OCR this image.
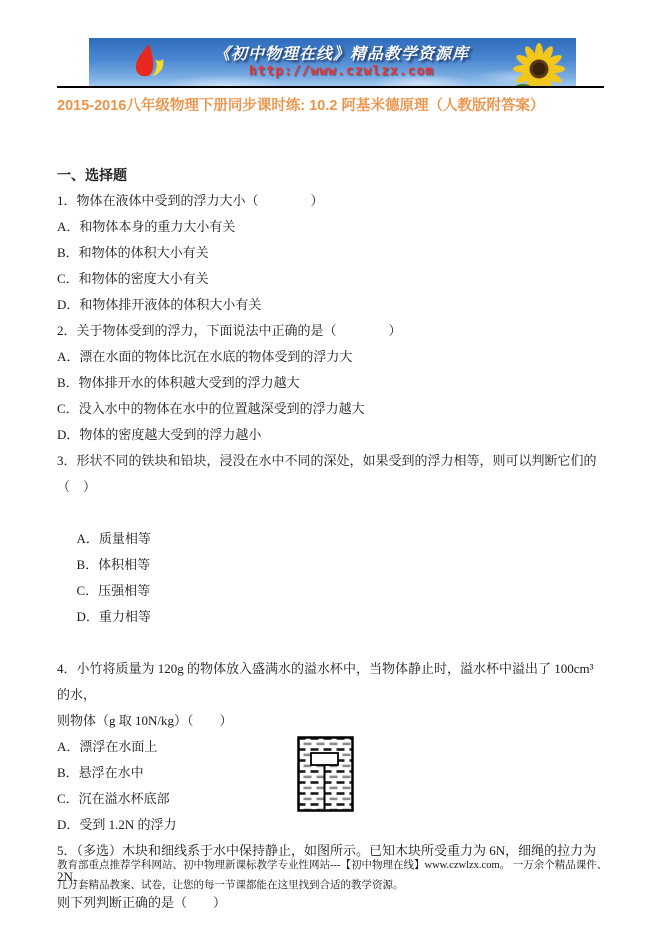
《初中物理在线》精品教学资源库
http://www.czwlzx.com
2015-2016八年级物理下册同步课时练: 10.2 阿基米德原理（人教版附答案）

一、选择题

1．物体在液体中受到的浮力大小（　　　　）

A．和物体本身的重力大小有关

B．和物体的体积大小有关

C．和物体的密度大小有关

D．和物体排开液体的体积大小有关

2．关于物体受到的浮力，下面说法中正确的是（　　　　）

A．漂在水面的物体比沉在水底的物体受到的浮力大

B．物体排开水的体积越大受到的浮力越大

C．没入水中的物体在水中的位置越深受到的浮力越大

D．物体的密度越大受到的浮力越小

3．形状不同的铁块和铅块，浸没在水中不同的深处，如果受到的浮力相等，则可以判断它们的

（　）

A．质量相等
B．体积相等
C．压强相等
D．重力相等

4．小竹将质量为 120g 的物体放入盛满水的溢水杯中，当物体静止时，溢水杯中溢出了 100cm³的水，

则物体（g 取 10N/kg）（　　）

A．漂浮在水面上

B．悬浮在水中

C．沉在溢水杯底部

D．受到 1.2N 的浮力

5．（多选）木块和细线系于水中保持静止，如图所示。已知木块所受重力为 6N，细绳的拉力为 2N，

则下列判断正确的是（　　）

教育部重点推荐学科网站、初中物理新课标教学专业性网站---【初中物理在线】www.czwlzx.com。 一万余个精品课件、

几万套精品教案、试卷，让您的每一节课都能在这里找到合适的教学资源。
